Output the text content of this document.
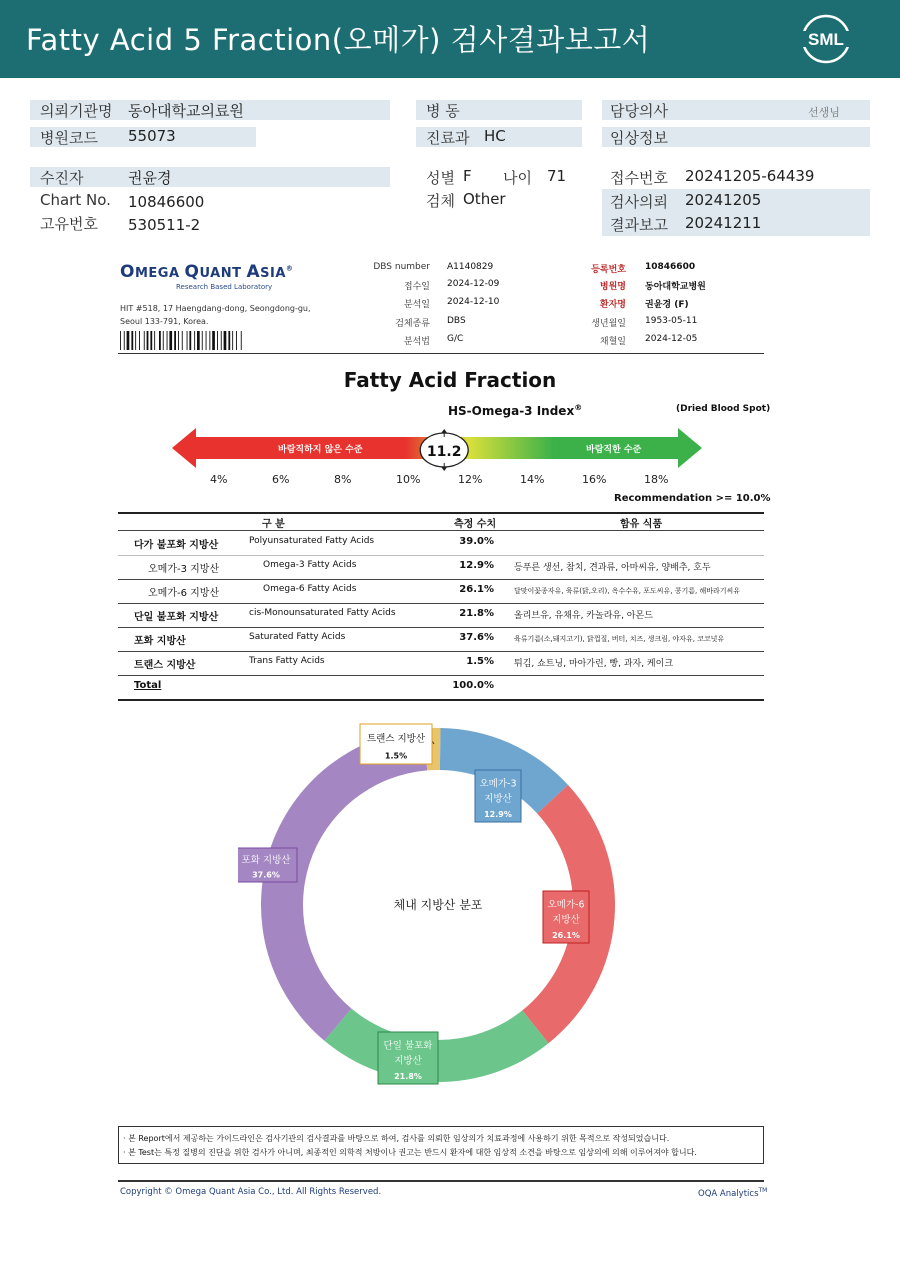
Fatty Acid 5 Fraction(오메가) 검사결과보고서	SML
의뢰기관명 동아대학교의료원
병원코드 55073
병 동
진료과 HC
담당의사	선생님
임상정보
수진자	권윤경
Chart No. 10846600
고유번호 530511-2
성별 F 나이 71
검체 Other
접수번호 20241205-64439
검사의뢰 20241205
결과보고 20241211
OMEGA QUANT ASIA®
Research Based Laboratory
HIT #518, 17 Haengdang-dong, Seongdong-gu,
Seoul 133-791, Korea.
DBS number A1140829
접수일 2024-12-09
분석일 2024-12-10
검체종류 DBS
분석법 G/C
등록번호 10846600
병원명 동아대학교병원
환자명 권윤경 (F)
생년월일 1953-05-11
채혈일 2024-12-05
Fatty Acid Fraction
HS-Omega-3 Index®	(Dried Blood Spot)
바람직하지 않은 수준	바람직한 수준
11.2
4%	6%	8%	10%	12%	14%	16%	18%
Recommendation >= 10.0%
구 분	측정 수치	함유 식품
다가 불포화 지방산	Polyunsaturated Fatty Acids	39.0%
오메가-3 지방산	Omega-3 Fatty Acids	12.9% 등푸른 생선, 참치, 견과류, 아마씨유, 양배추, 호두
오메가-6 지방산	Omega-6 Fatty Acids	26.1%	달맞이꽃종자유, 육류(닭,오리), 옥수수유, 포도씨유, 콩기름, 해바라기씨유
단일 불포화 지방산	cis-Monounsaturated Fatty Acids	21.8% 올리브유, 유채유, 카놀라유, 아몬드
포화 지방산	Saturated Fatty Acids	37.6%	육류기름(소,돼지고기), 닭껍질, 버터, 치즈, 생크림, 야자유, 코코넛유
트랜스 지방산	Trans Fatty Acids	1.5% 튀김, 쇼트닝, 마아가린, 빵, 과자, 케이크
Total	100.0%
트랜스 지방산
1.5%
오메가-3
지방산
12.9%
오메가-6
지방산
26.1%
단일 불포화
지방산
21.8%
포화 지방산
37.6%
체내 지방산 분포
· 본 Report에서 제공하는 가이드라인은 검사기관의 검사결과를 바탕으로 하여, 검사를 의뢰한 임상의가 치료과정에 사용하기 위한 목적으로 작성되었습니다.
· 본 Test는 특정 질병의 진단을 위한 검사가 아니며, 최종적인 의학적 처방이나 권고는 반드시 환자에 대한 임상적 소견을 바탕으로 임상의에 의해 이루어져야 합니다.
Copyright © Omega Quant Asia Co., Ltd. All Rights Reserved.	OQA Analytics™
